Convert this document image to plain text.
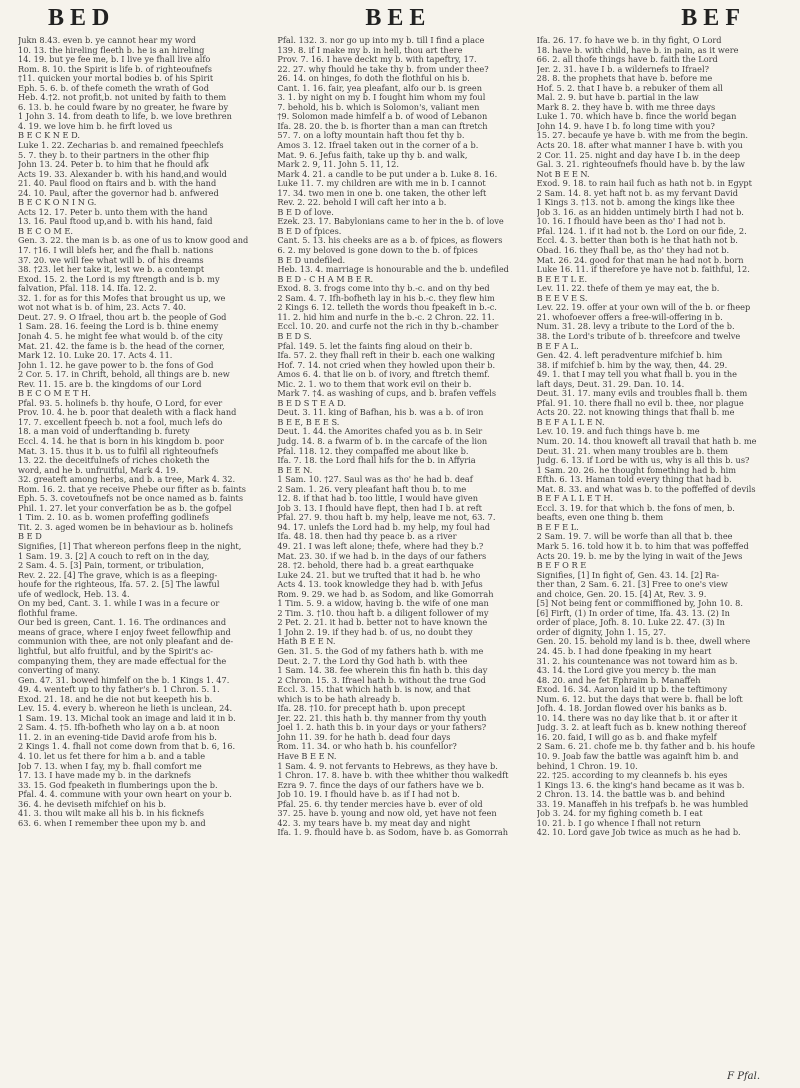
BED	BEE	BEF
Jukn 8.43. even b. ye cannot hear my word
10. 13. the hireling fleeth b. he is an hireling
14. 19. but ye fee me, b. I live ye fhall live alfo
Rom. 8. 10. the Spirit is life b. of righteoufnefs
†11. quicken your mortal bodies b. of his Spirit
Eph. 5. 6. b. of thefe cometh the wrath of God
Heb. 4.†2. not profit,b. not united by faith to them
6. 13. b. he could fware by no greater, he fware by
1 John 3. 14. from death to life, b. we love brethren
4. 19. we love him b. he firft loved us
B E C K N E D.
Luke 1. 22. Zecharias b. and remained fpeechlefs
5. 7. they b. to their partners in the other fhip
John 13. 24. Peter b. to him that he fhould afk
Acts 19. 33. Alexander b. with his hand,and would
21. 40. Paul flood on ftairs and b. with the hand
24. 10. Paul, after the governor had b. anfwered
B E C K O N I N G.
Acts 12. 17. Peter b. unto them with the hand
13. 16. Paul ftood up,and b. with his hand, faid
B E C O M E.
Gen. 3. 22. the man is b. as one of us to know good and
17. †16. I will blefs her, and fhe fhall b. nations
37. 20. we will fee what will b. of his dreams
38. †23. let her take it, lest we b. a contempt
Exod. 15. 2. the Lord is my ftrength and is b. my
falvation, Pfal. 118. 14. Ifa. 12. 2.
32. 1. for as for this Mofes that brought us up, we
wot not what is b. of him, 23. Acts 7. 40.
Deut. 27. 9. O Ifrael, thou art b. the people of God
1 Sam. 28. 16. feeing the Lord is b. thine enemy
Jonah 4. 5. he might fee what would b. of the city
Mat. 21. 42. the fame is b. the head of the corner,
Mark 12. 10. Luke 20. 17. Acts 4. 11.
John 1. 12. he gave power to b. the fons of God
2 Cor. 5. 17. in Chrift, behold, all things are b. new
Rev. 11. 15. are b. the kingdoms of our Lord
B E C O M E T H.
Pfal. 93. 5. holinefs b. thy houfe, O Lord, for ever
Prov. 10. 4. he b. poor that dealeth with a flack hand
17. 7. excellent fpeech b. not a fool, much lefs do
18. a man void of underftanding b. furety
Eccl. 4. 14. he that is born in his kingdom b. poor
Mat. 3. 15. thus it b. us to fulfil all righteoufnefs
13. 22. the deceitfulnefs of riches choketh the
word, and he b. unfruitful, Mark 4. 19.
32. greateft among herbs, and b. a tree, Mark 4. 32.
Rom. 16. 2. that ye receive Phebe our fifter as b. faints
Eph. 5. 3. covetoufnefs not be once named as b. faints
Phil. 1. 27. let your converfation be as b. the gofpel
1 Tim. 2. 10. as b. women profeffing godlinefs
Tit. 2. 3. aged women be in behaviour as b. holinefs
B E D
Signifies, [1] That whereon perfons fleep in the night,
1 Sam. 19. 3. [2] A couch to reft on in the day,
2 Sam. 4. 5. [3] Pain, torment, or tribulation,
Rev. 2. 22. [4] The grave, which is as a fleeping-
houfe for the righteous, Ifa. 57. 2. [5] The lawful
ufe of wedlock, Heb. 13. 4.
On my bed, Cant. 3. 1. while I was in a fecure or
flothful frame.
Our bed is green, Cant. 1. 16. The ordinances and
means of grace, where I enjoy fweet fellowfhip and
communion with thee, are not only pleafant and de-
lightful, but alfo fruitful, and by the Spirit's ac-
companying them, they are made effectual for the
converting of many.
Gen. 47. 31. bowed himfelf on the b. 1 Kings 1. 47.
49. 4. wenteft up to thy father's b. 1 Chron. 5. 1.
Exod. 21. 18. and he die not but keepeth his b.
Lev. 15. 4. every b. whereon he lieth is unclean, 24.
1 Sam. 19. 13. Michal took an image and laid it in b.
2 Sam. 4. †5. Ifh-bofheth who lay on a b. at noon
11. 2. in an evening-tide David arofe from his b.
2 Kings 1. 4. fhall not come down from that b. 6, 16.
4. 10. let us fet there for him a b. and a table
Job 7. 13. when I fay, my b. fhall comfort me
17. 13. I have made my b. in the darknefs
33. 15. God fpeaketh in flumberings upon the b.
Pfal. 4. 4. commune with your own heart on your b.
36. 4. he deviseth mifchief on his b.
41. 3. thou wilt make all his b. in his ficknefs
63. 6. when I remember thee upon my b. and
Pfal. 132. 3. nor go up into my b. till I find a place
139. 8. if I make my b. in hell, thou art there
Prov. 7. 16. I have deckt my b. with tapeftry, 17.
22. 27. why fhould he take thy b. from under thee?
26. 14. on hinges, fo doth the flothful on his b.
Cant. 1. 16. fair, yea pleafant, alfo our b. is green
3. 1. by night on my b. I fought him whom my foul
7. behold, his b. which is Solomon's, valiant men
†9. Solomon made himfelf a b. of wood of Lebanon
Ifa. 28. 20. the b. is fhorter than a man can ftretch
57. 7. on a lofty mountain haft thou fet thy b.
Amos 3. 12. Ifrael taken out in the corner of a b.
Mat. 9. 6. Jefus faith, take up thy b. and walk,
Mark 2. 9, 11. John 5. 11, 12.
Mark 4. 21. a candle to be put under a b. Luke 8. 16.
Luke 11. 7. my children are with me in b. I cannot
17. 34. two men in one b. one taken, the other left
Rev. 2. 22. behold I will caft her into a b.
B E D of love.
Ezek. 23. 17. Babylonians came to her in the b. of love
B E D of fpices.
Cant. 5. 13. his cheeks are as a b. of fpices, as flowers
6. 2. my beloved is gone down to the b. of fpices
B E D undefiled.
Heb. 13. 4. marriage is honourable and the b. undefiled
B E D - C H A M B E R.
Exod. 8. 3. frogs come into thy b.-c. and on thy bed
2 Sam. 4. 7. Ifh-bofheth lay in his b.-c. they flew him
2 Kings 6. 12. telleth the words thou fpeakeft in b.-c.
11. 2. hid him and nurfe in the b.-c. 2 Chron. 22. 11.
Eccl. 10. 20. and curfe not the rich in thy b.-chamber
B E D S.
Pfal. 149. 5. let the faints fing aloud on their b.
Ifa. 57. 2. they fhall reft in their b. each one walking
Hof. 7. 14. not cried when they howled upon their b.
Amos 6. 4. that lie on b. of ivory, and ftretch themf.
Mic. 2. 1. wo to them that work evil on their b.
Mark 7. †4. as washing of cups, and b. brafen veffels
B E D S T E A D.
Deut. 3. 11. king of Bafhan, his b. was a b. of iron
B E E, B E E S.
Deut. 1. 44. the Amorites chafed you as b. in Seir
Judg. 14. 8. a fwarm of b. in the carcafe of the lion
Pfal. 118. 12. they compaffed me about like b.
Ifa. 7. 18. the Lord fhall hifs for the b. in Affyria
B E E N.
1 Sam. 10. †27. Saul was as tho' he had b. deaf
2 Sam. 1. 26. very pleafant haft thou b. to me
12. 8. if that had b. too little, I would have given
Job 3. 13. I fhould have flept, then had I b. at reft
Pfal. 27. 9. thou haft b. my help, leave me not, 63. 7.
94. 17. unlefs the Lord had b. my help, my foul had
Ifa. 48. 18. then had thy peace b. as a river
49. 21. I was left alone; thefe, where had they b.?
Mat. 23. 30. if we had b. in the days of our fathers
28. †2. behold, there had b. a great earthquake
Luke 24. 21. but we trufted that it had b. he who
Acts 4. 13. took knowledge they had b. with Jefus
Rom. 9. 29. we had b. as Sodom, and like Gomorrah
1 Tim. 5. 9. a widow, having b. the wife of one man
2 Tim. 3. †10. thou haft b. a diligent follower of my
2 Pet. 2. 21. it had b. better not to have known the
1 John 2. 19. if they had b. of us, no doubt they
Hath B E E N.
Gen. 31. 5. the God of my fathers hath b. with me
Deut. 2. 7. the Lord thy God hath b. with thee
1 Sam. 14. 38. fee wherein this fin hath b. this day
2 Chron. 15. 3. Ifrael hath b. without the true God
Eccl. 3. 15. that which hath b. is now, and that
which is to be hath already b.
Ifa. 28. †10. for precept hath b. upon precept
Jer. 22. 21. this hath b. thy manner from thy youth
Joel 1. 2. hath this b. in your days or your fathers?
John 11. 39. for he hath b. dead four days
Rom. 11. 34. or who hath b. his counfellor?
Have B E E N.
1 Sam. 4. 9. not fervants to Hebrews, as they have b.
1 Chron. 17. 8. have b. with thee whither thou walkedft
Ezra 9. 7. fince the days of our fathers have we b.
Job 10. 19. I fhould have b. as if I had not b.
Pfal. 25. 6. thy tender mercies have b. ever of old
37. 25. have b. young and now old, yet have not feen
42. 3. my tears have b. my meat day and night
Ifa. 1. 9. fhould have b. as Sodom, have b. as Gomorrah
Ifa. 26. 17. fo have we b. in thy fight, O Lord
18. have b. with child, have b. in pain, as it were
66. 2. all thofe things have b. faith the Lord
Jer. 2. 31. have I b. a wildernefs to Ifrael?
28. 8. the prophets that have b. before me
Hof. 5. 2. that I have b. a rebuker of them all
Mal. 2. 9. but have b. partial in the law
Mark 8. 2. they have b. with me three days
Luke 1. 70. which have b. fince the world began
John 14. 9. have I b. fo long time with you?
15. 27. becaufe ye have b. with me from the begin.
Acts 20. 18. after what manner I have b. with you
2 Cor. 11. 25. night and day have I b. in the deep
Gal. 3. 21. righteoufnefs fhould have b. by the law
Not B E E N.
Exod. 9. 18. to rain hail fuch as hath not b. in Egypt
2 Sam. 14. 8. yet haft not b. as my fervant David
1 Kings 3. †13. not b. among the kings like thee
Job 3. 16. as an hidden untimely birth I had not b.
10. 16. I fhould have been as tho' I had not b.
Pfal. 124. 1. if it had not b. the Lord on our fide, 2.
Eccl. 4. 3. better than both is he that hath not b.
Obad. 16. they fhall be, as tho' they had not b.
Mat. 26. 24. good for that man he had not b. born
Luke 16. 11. if therefore ye have not b. faithful, 12.
B E E T L E.
Lev. 11. 22. thefe of them ye may eat, the b.
B E E V E S.
Lev. 22. 19. offer at your own will of the b. or fheep
21. whofoever offers a free-will-offering in b.
Num. 31. 28. levy a tribute to the Lord of the b.
38. the Lord's tribute of b. threefcore and twelve
B E F A L.
Gen. 42. 4. left peradventure mifchief b. him
38. if mifchief b. him by the way, then, 44. 29.
49. 1. that I may tell you what fhall b. you in the
laft days, Deut. 31. 29. Dan. 10. 14.
Deut. 31. 17. many evils and troubles fhall b. them
Pfal. 91. 10. there fhall no evil b. thee, nor plague
Acts 20. 22. not knowing things that fhall b. me
B E F A L L E N.
Lev. 10. 19. and fuch things have b. me
Num. 20. 14. thou knoweft all travail that hath b. me
Deut. 31. 21. when many troubles are b. them
Judg. 6. 13. if Lord be with us, why is all this b. us?
1 Sam. 20. 26. he thought fomething had b. him
Efth. 6. 13. Haman told every thing that had b.
Mat. 8. 33. and what was b. to the poffeffed of devils
B E F A L L E T H.
Eccl. 3. 19. for that which b. the fons of men, b.
beafts, even one thing b. them
B E F E L.
2 Sam. 19. 7. will be worfe than all that b. thee
Mark 5. 16. told how it b. to him that was poffeffed
Acts 20. 19. b. me by the lying in wait of the Jews
B E F O R E
Signifies, [1] In fight of, Gen. 43. 14. [2] Ra-
ther than, 2 Sam. 6. 21. [3] Free to one's view
and choice, Gen. 20. 15. [4] At, Rev. 3. 9.
[5] Not being fent or commiffioned by, John 10. 8.
[6] Firft, (1) In order of time, Ifa. 43. 13. (2) In
order of place, Jofh. 8. 10. Luke 22. 47. (3) In
order of dignity, John 1. 15, 27.
Gen. 20. 15. behold my land is b. thee, dwell where
24. 45. b. I had done fpeaking in my heart
31. 2. his countenance was not toward him as b.
43. 14. the Lord give you mercy b. the man
48. 20. and he fet Ephraim b. Manaffeh
Exod. 16. 34. Aaron laid it up b. the teftimony
Num. 6. 12. but the days that were b. fhall be loft
Jofh. 4. 18. Jordan flowed over his banks as b.
10. 14. there was no day like that b. it or after it
Judg. 3. 2. at leaft fuch as b. knew nothing thereof
16. 20. faid, I will go as b. and fhake myfelf
2 Sam. 6. 21. chofe me b. thy father and b. his houfe
10. 9. Joab faw the battle was againft him b. and
behind, 1 Chron. 19. 10.
22. †25. according to my cleannefs b. his eyes
1 Kings 13. 6. the king's hand became as it was b.
2 Chron. 13. 14. the battle was b. and behind
33. 19. Manaffeh in his trefpafs b. he was humbled
Job 3. 24. for my fighing cometh b. I eat
10. 21. b. I go whence I fhall not return
42. 10. Lord gave Job twice as much as he had b.
F Pfal.
